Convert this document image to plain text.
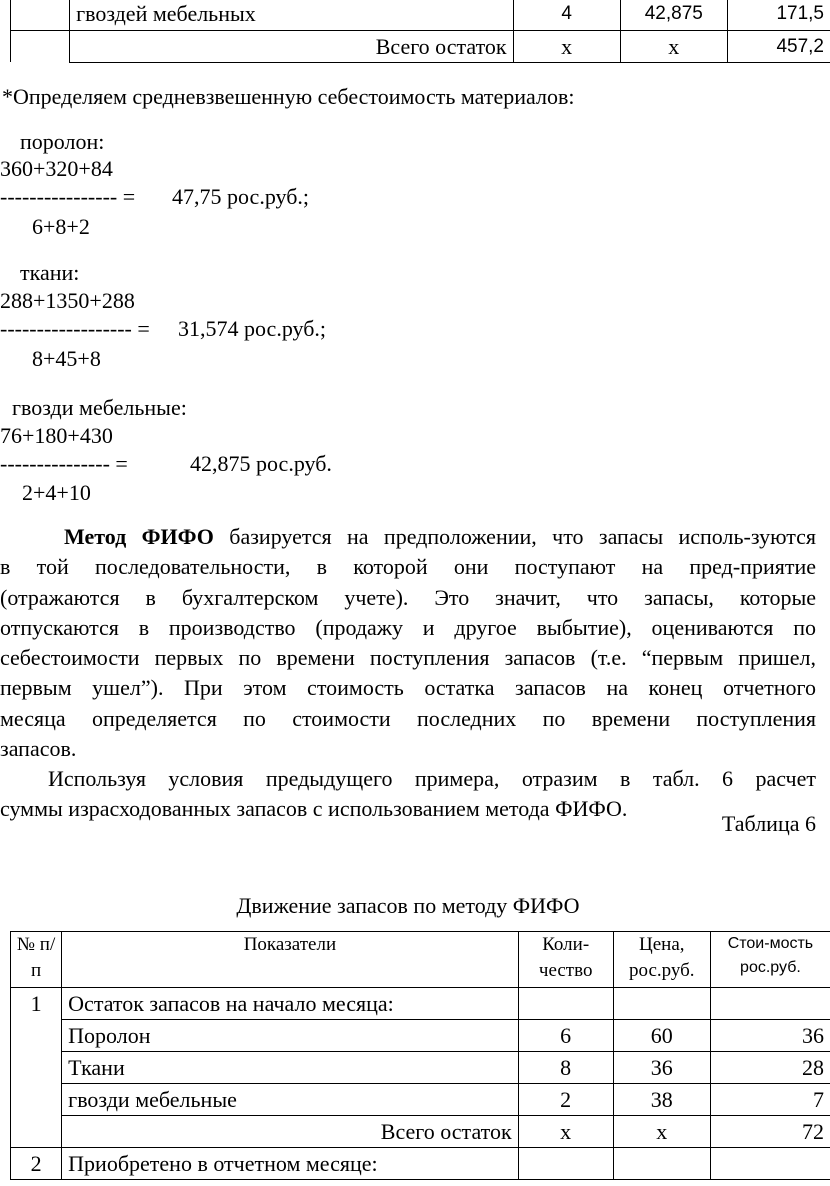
	гвоздей мебельных	4	42,875	171,5
	Всего остаток	х	х	457,2
*Определяем средневзвешенную себестоимость материалов:
поролон:
360+320+84
---------------- = 47,75 рос.руб.;
6+8+2
ткани:
288+1350+288
------------------ = 31,574 рос.руб.;
8+45+8
гвозди мебельные:
76+180+430
--------------- =	42,875 рос.руб.
2+4+10
Метод ФИФО базируется на предположении, что запасы исполь-зуются
в той последовательности, в которой они поступают на пред-приятие
(отражаются в бухгалтерском учете). Это значит, что запасы, которые
отпускаются в производство (продажу и другое выбытие), оцениваются по
себестоимости первых по времени поступления запасов (т.е. “первым пришел,
первым ушел”). При этом стоимость остатка запасов на конец отчетного
месяца определяется по стоимости последних по времени поступления
запасов.
Используя условия предыдущего примера, отразим в табл. 6 расчет
суммы израсходованных запасов с использованием метода ФИФО.
Таблица 6
Движение запасов по методу ФИФО
№ п/п	Показатели	Коли-чество	Цена, рос.руб.	Стои-мость рос.руб.
1	Остаток запасов на начало месяца:			
	Поролон	6	60	36
	Ткани	8	36	28
	гвозди мебельные	2	38	7
	Всего остаток	х	х	72
2	Приобретено в отчетном месяце:			
